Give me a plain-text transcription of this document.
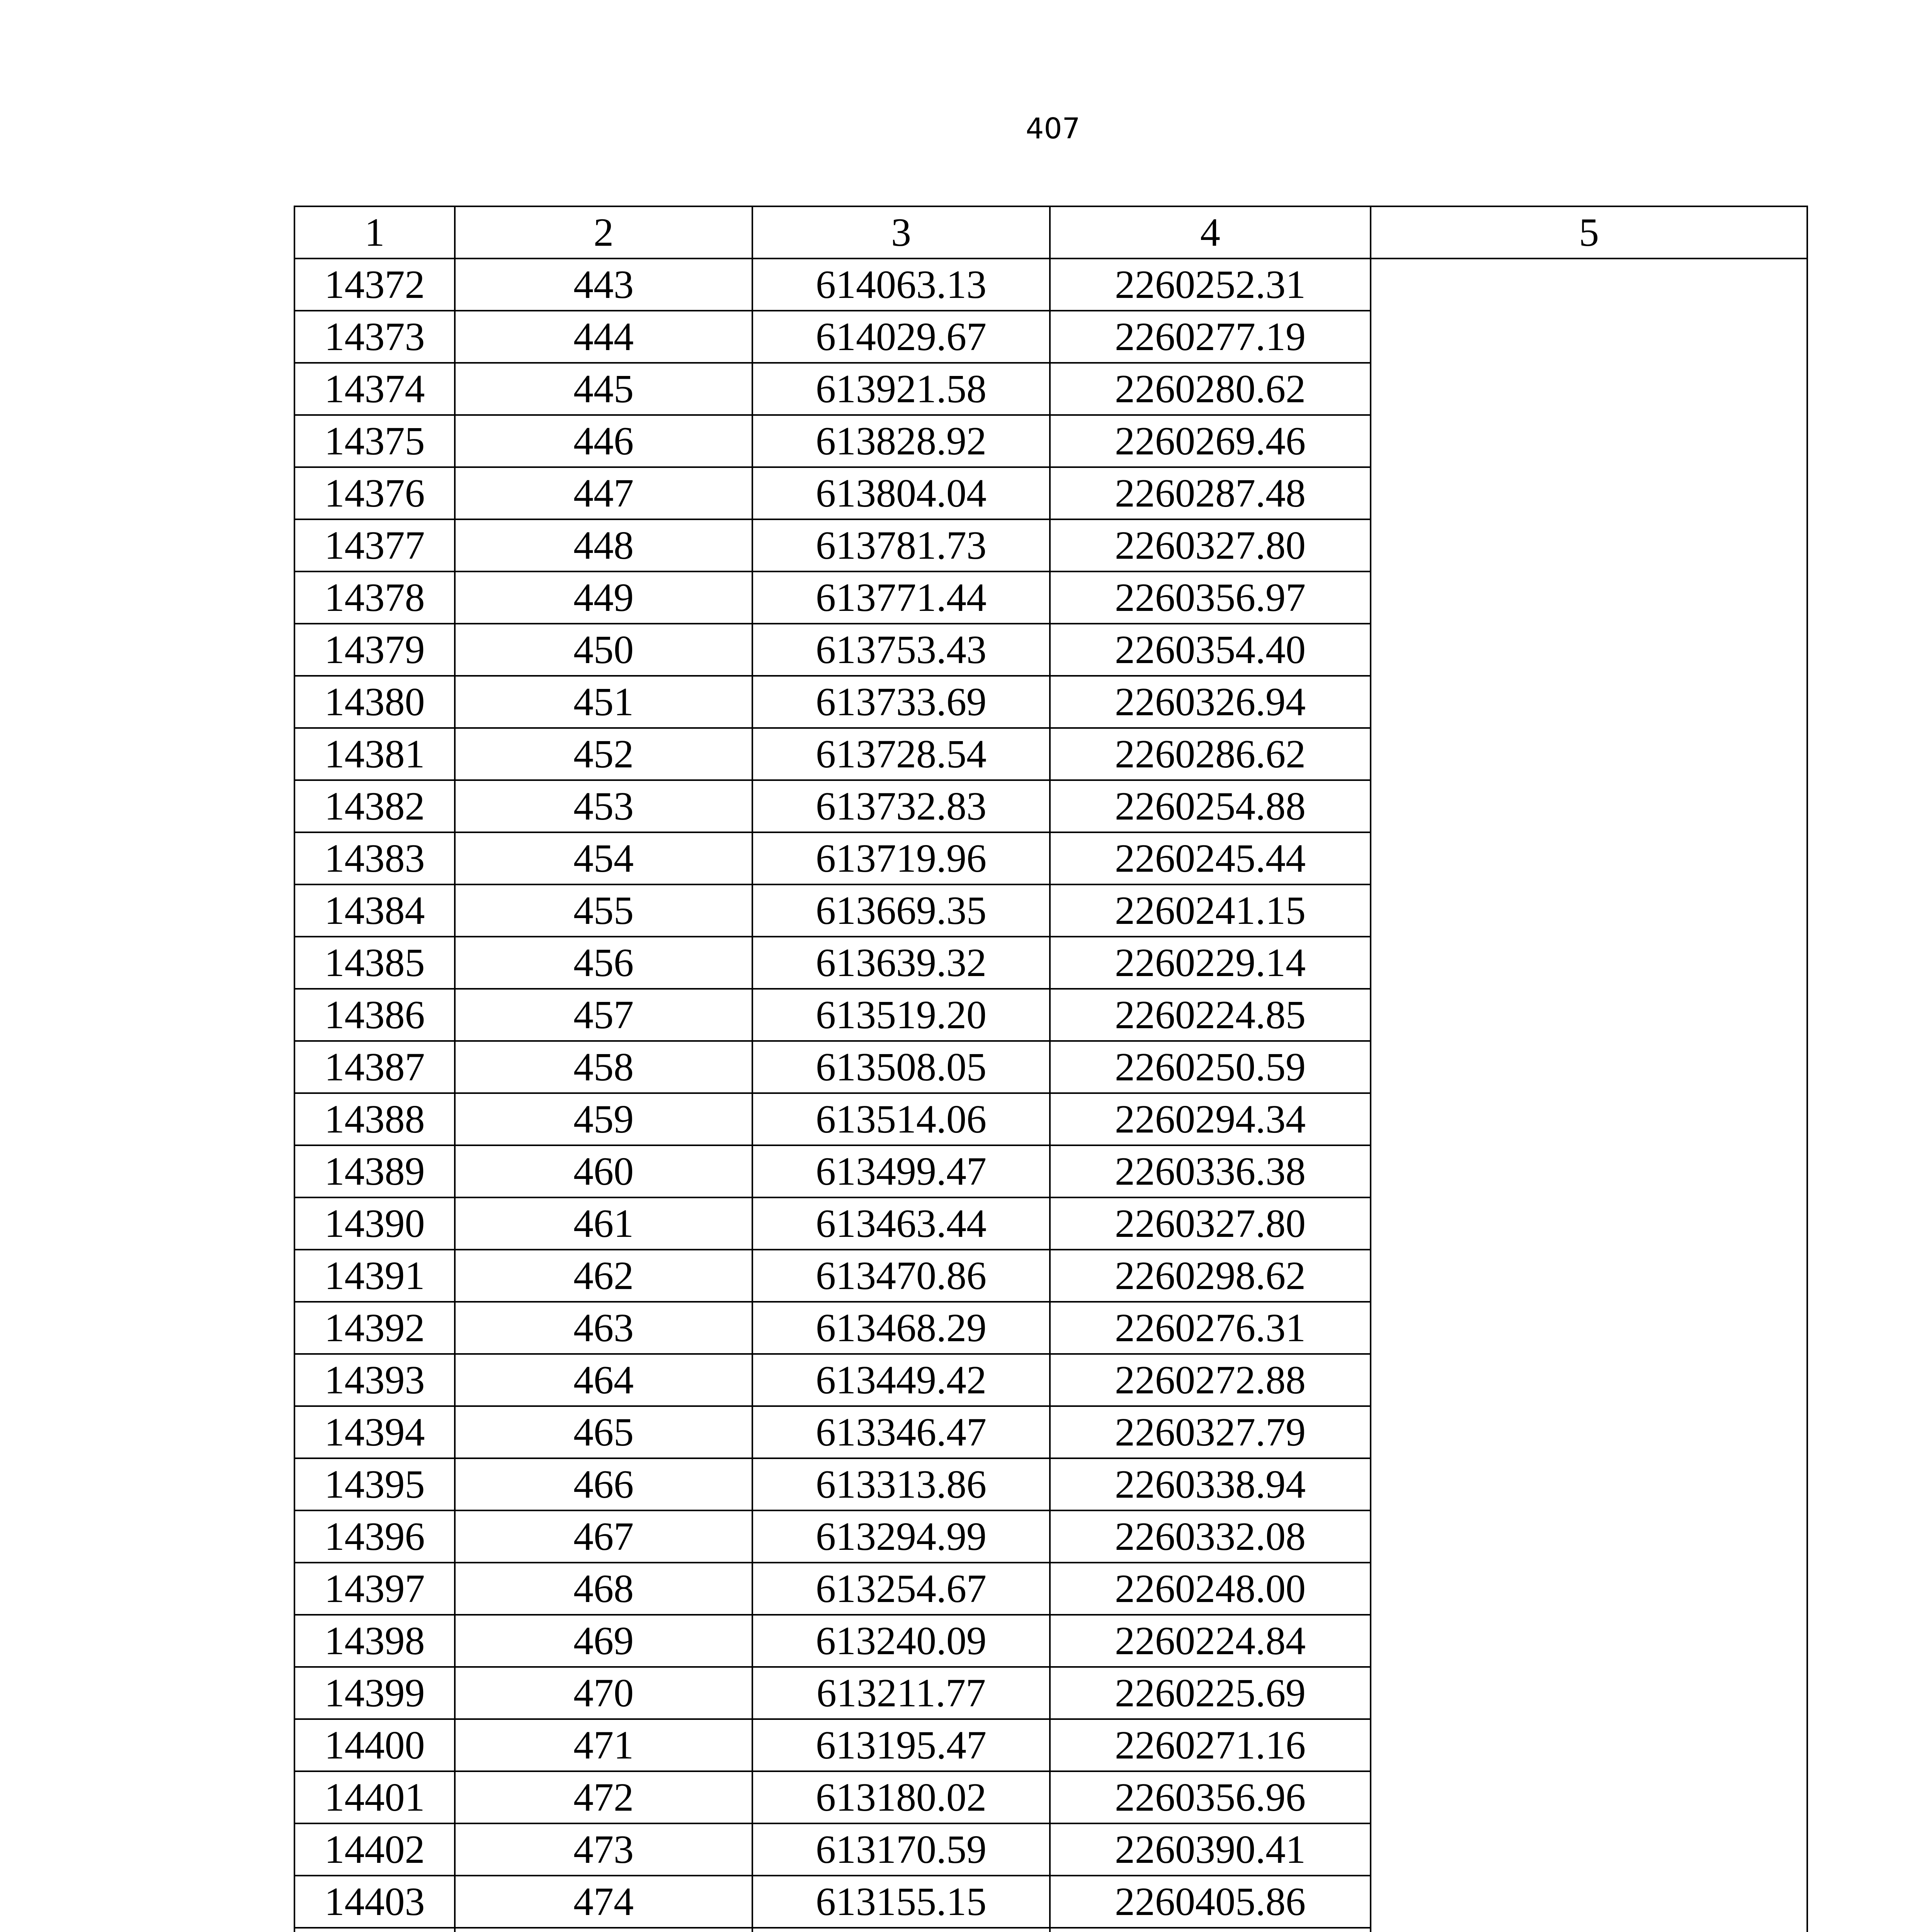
407
1	2	3	4	5
14372	443	614063.13	2260252.31	
14373	444	614029.67	2260277.19	
14374	445	613921.58	2260280.62	
14375	446	613828.92	2260269.46	
14376	447	613804.04	2260287.48	
14377	448	613781.73	2260327.80	
14378	449	613771.44	2260356.97	
14379	450	613753.43	2260354.40	
14380	451	613733.69	2260326.94	
14381	452	613728.54	2260286.62	
14382	453	613732.83	2260254.88	
14383	454	613719.96	2260245.44	
14384	455	613669.35	2260241.15	
14385	456	613639.32	2260229.14	
14386	457	613519.20	2260224.85	
14387	458	613508.05	2260250.59	
14388	459	613514.06	2260294.34	
14389	460	613499.47	2260336.38	
14390	461	613463.44	2260327.80	
14391	462	613470.86	2260298.62	
14392	463	613468.29	2260276.31	
14393	464	613449.42	2260272.88	
14394	465	613346.47	2260327.79	
14395	466	613313.86	2260338.94	
14396	467	613294.99	2260332.08	
14397	468	613254.67	2260248.00	
14398	469	613240.09	2260224.84	
14399	470	613211.77	2260225.69	
14400	471	613195.47	2260271.16	
14401	472	613180.02	2260356.96	
14402	473	613170.59	2260390.41	
14403	474	613155.15	2260405.86	
